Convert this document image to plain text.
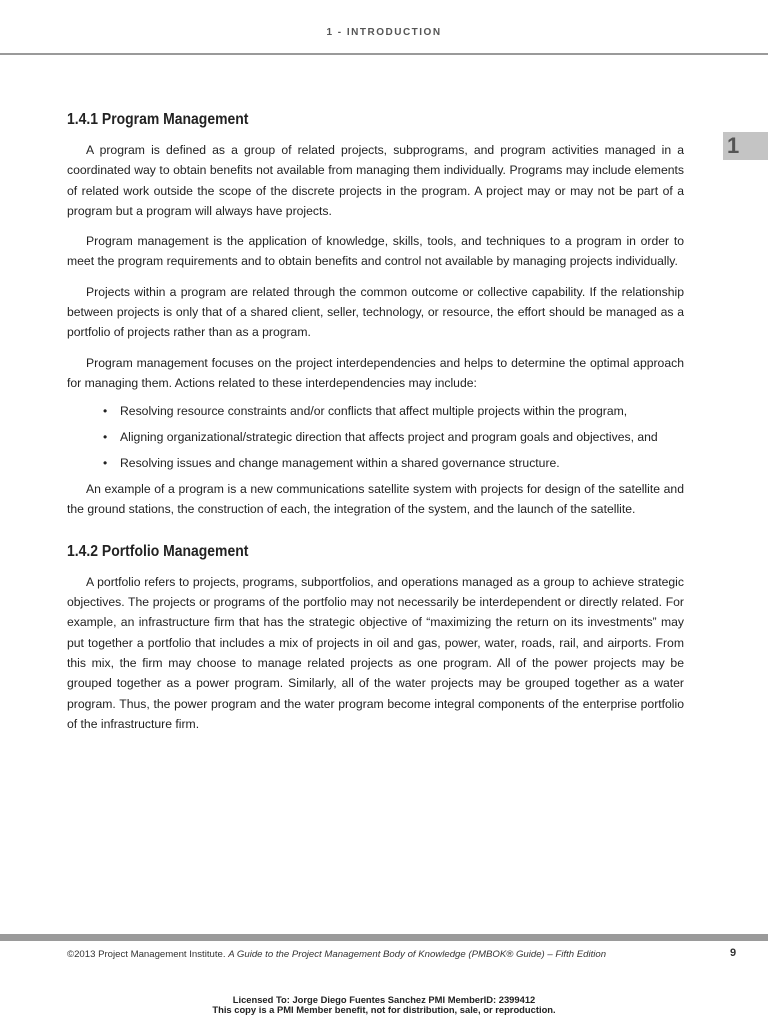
1 - INTRODUCTION
1
1.4.1 Program Management

A program is defined as a group of related projects, subprograms, and program activities managed in a coordinated way to obtain benefits not available from managing them individually. Programs may include elements of related work outside the scope of the discrete projects in the program. A project may or may not be part of a program but a program will always have projects.

Program management is the application of knowledge, skills, tools, and techniques to a program in order to meet the program requirements and to obtain benefits and control not available by managing projects individually.

Projects within a program are related through the common outcome or collective capability. If the relationship between projects is only that of a shared client, seller, technology, or resource, the effort should be managed as a portfolio of projects rather than as a program.

Program management focuses on the project interdependencies and helps to determine the optimal approach for managing them. Actions related to these interdependencies may include:

• Resolving resource constraints and/or conflicts that affect multiple projects within the program,
• Aligning organizational/strategic direction that affects project and program goals and objectives, and
• Resolving issues and change management within a shared governance structure.

An example of a program is a new communications satellite system with projects for design of the satellite and the ground stations, the construction of each, the integration of the system, and the launch of the satellite.

1.4.2 Portfolio Management

A portfolio refers to projects, programs, subportfolios, and operations managed as a group to achieve strategic objectives. The projects or programs of the portfolio may not necessarily be interdependent or directly related. For example, an infrastructure firm that has the strategic objective of “maximizing the return on its investments” may put together a portfolio that includes a mix of projects in oil and gas, power, water, roads, rail, and airports. From this mix, the firm may choose to manage related projects as one program. All of the power projects may be grouped together as a power program. Similarly, all of the water projects may be grouped together as a water program. Thus, the power program and the water program become integral components of the enterprise portfolio of the infrastructure firm.

©2013 Project Management Institute. A Guide to the Project Management Body of Knowledge (PMBOK® Guide) – Fifth Edition	9
Licensed To: Jorge Diego Fuentes Sanchez PMI MemberID: 2399412
This copy is a PMI Member benefit, not for distribution, sale, or reproduction.
